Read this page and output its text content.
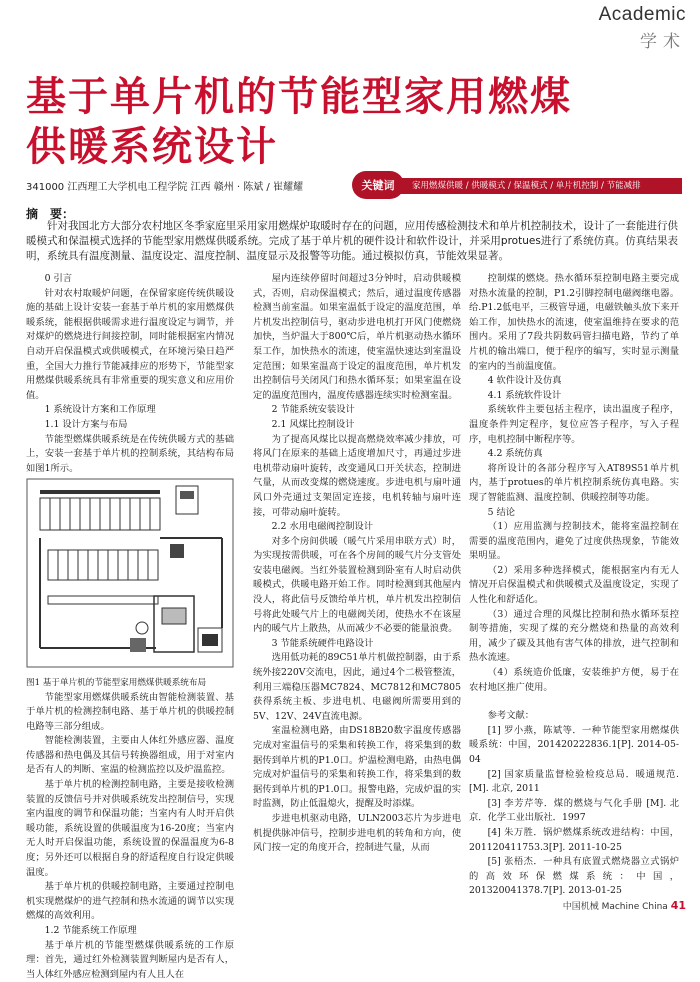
Academic
学术
基于单片机的节能型家用燃煤
供暖系统设计
341000 江西理工大学机电工程学院 江西 赣州 · 陈斌 / 崔耀耀	家用燃煤供暖 / 供暖模式 / 保温模式 / 单片机控制 / 节能减排
关键词
摘　要：
针对我国北方大部分农村地区冬季家庭里采用家用燃煤炉取暖时存在的问题，应用传感检测技术和单片机控制技术，设计了一套能进行供暖模式和保温模式选择的节能型家用燃煤供暖系统。完成了基于单片机的硬件设计和软件设计，并采用protues进行了系统仿真。仿真结果表明，系统具有温度测量、温度设定、温度控制、温度显示及报警等功能。通过模拟仿真，节能效果显著。

0 引言

针对农村取暖炉问题，在保留家庭传统供暖设施的基础上设计安装一套基于单片机的家用燃煤供暖系统，能根据供暖需求进行温度设定与调节，并对煤炉的燃烧进行间接控制，同时能根据室内情况自动开启保温模式或供暖模式，在环境污染日趋严重，全国大力推行节能减排应的形势下，节能型家用燃煤供暖系统具有非常重要的现实意义和应用价值。

1 系统设计方案和工作原理

1.1 设计方案与布局

节能型燃煤供暖系统是在传统供暖方式的基础上，安装一套基于单片机的控制系统，其结构布局如图1所示。

图1 基于单片机的节能型家用燃煤供暖系统布局

节能型家用燃煤供暖系统由智能检测装置、基于单片机的检测控制电路、基于单片机的供暖控制电路等三部分组成。

智能检测装置，主要由人体红外感应器、温度传感器和热电偶及其信号转换器组成，用于对室内是否有人的判断、室温的检测监控以及炉温监控。

基于单片机的检测控制电路，主要是接收检测装置的反馈信号并对供暖系统发出控制信号，实现室内温度的调节和保温功能；当室内有人时开启供暖功能，系统设置的供暖温度为16-20度；当室内无人时开启保温功能，系统设置的保温温度为6-8度；另外还可以根据自身的舒适程度自行设定供暖温度。

基于单片机的供暖控制电路，主要通过控制电机实现燃煤炉的进气控制和热水流通的调节以实现燃煤的高效利用。

1.2 节能系统工作原理

基于单片机的节能型燃煤供暖系统的工作原理：首先，通过红外检测装置判断屋内是否有人，当人体红外感应检测到屋内有人且人在

屋内连续停留时间超过3分钟时，启动供暖模式，否则，启动保温模式；然后，通过温度传感器检测当前室温。如果室温低于设定的温度范围，单片机发出控制信号，驱动步进电机打开风门使燃烧加快，当炉温大于800℃后，单片机驱动热水循环泵工作，加快热水的流速，使室温快速达到室温设定范围；如果室温高于设定的温度范围，单片机发出控制信号关闭风门和热水循环泵；如果室温在设定的温度范围内，温度传感器连续实时检测室温。

2 节能系统安装设计

2.1 风煤比控制设计

为了提高风煤比以提高燃烧效率减少排放，可将风门在原来的基础上适度增加尺寸，再通过步进电机带动扇叶旋转，改变通风口开关状态，控制进气量，从而改变煤的燃烧速度。步进电机与扇叶通风口外壳通过支架固定连接，电机转轴与扇叶连接，可带动扇叶旋转。

2.2 水用电磁阀控制设计

对多个房间供暖（暖气片采用串联方式）时，为实现按需供暖，可在各个房间的暖气片分支管处安装电磁阀。当红外装置检测到卧室有人时启动供暖模式，供暖电路开始工作。同时检测到其他屋内没人，将此信号反馈给单片机，单片机发出控制信号将此处暖气片上的电磁阀关闭，使热水不在该屋内的暖气片上散热，从而减少不必要的能量浪费。

3 节能系统硬件电路设计

选用低功耗的89C51单片机做控制器，由于系统外接220V交流电，因此，通过4个二极管整流，利用三端稳压器MC7824、MC7812和MC7805获得系统主板、步进电机、电磁阀所需要用到的5V、12V、24V直流电源。

室温检测电路，由DS18B20数字温度传感器完成对室温信号的采集和转换工作，将采集到的数据传到单片机的P1.0口。炉温检测电路，由热电偶完成对炉温信号的采集和转换工作，将采集到的数据传到单片机的P1.0口。报警电路，完成炉温的实时监测，防止低温熄火，提醒及时添煤。

步进电机驱动电路，ULN2003芯片为步进电机提供脉冲信号，控制步进电机的转角和方向，使风门按一定的角度开合，控制进气量，从而

控制煤的燃烧。热水循环泵控制电路主要完成对热水流量的控制，P1.2引脚控制电磁阀继电器。给.P1.2低电平，三极管导通，电磁铁触头放下来开始工作，加快热水的流速，使室温维持在要求的范围内。采用了7段共阴数码管扫描电路，节约了单片机的输出端口，便于程序的编写，实时显示测量的室内的当前温度值。

4 软件设计及仿真

4.1 系统软件设计

系统软件主要包括主程序，读出温度子程序，温度条件判定程序，复位应答子程序，写入子程序，电机控制中断程序等。

4.2 系统仿真

将所设计的各部分程序写入AT89S51单片机内，基于protues的单片机控制系统仿真电路。实现了智能监测、温度控制、供暖控制等功能。

5 结论

（1）应用监测与控制技术，能将室温控制在需要的温度范围内，避免了过度供热现象，节能效果明显。

（2）采用多种选择模式，能根据室内有无人情况开启保温模式和供暖模式及温度设定，实现了人性化和舒适化。

（3）通过合理的风煤比控制和热水循环泵控制等措施，实现了煤的充分燃烧和热量的高效利用，减少了碳及其他有害气体的排放，进气控制和热水流速。

（4）系统造价低廉，安装维护方便，易于在农村地区推广使用。

参考文献：

[1] 罗小燕，陈斌等．一种节能型家用燃煤供暖系统：中国，201420222836.1[P]. 2014-05-04

[2] 国家质量监督检验检疫总局．暖通规范. [M]. 北京, 2011

[3] 李芳芹等．煤的燃烧与气化手册 [M]. 北京．化学工业出版社．1997

[4] 朱万胜．锅炉燃煤系统改进结构：中国，201120411753.3[P]. 2011-10-25

[5] 张梧杰．一种具有底置式燃烧器立式锅炉的高效环保燃煤系统：中国，201320041378.7[P]. 2013-01-25

中国机械 Machine China 41
